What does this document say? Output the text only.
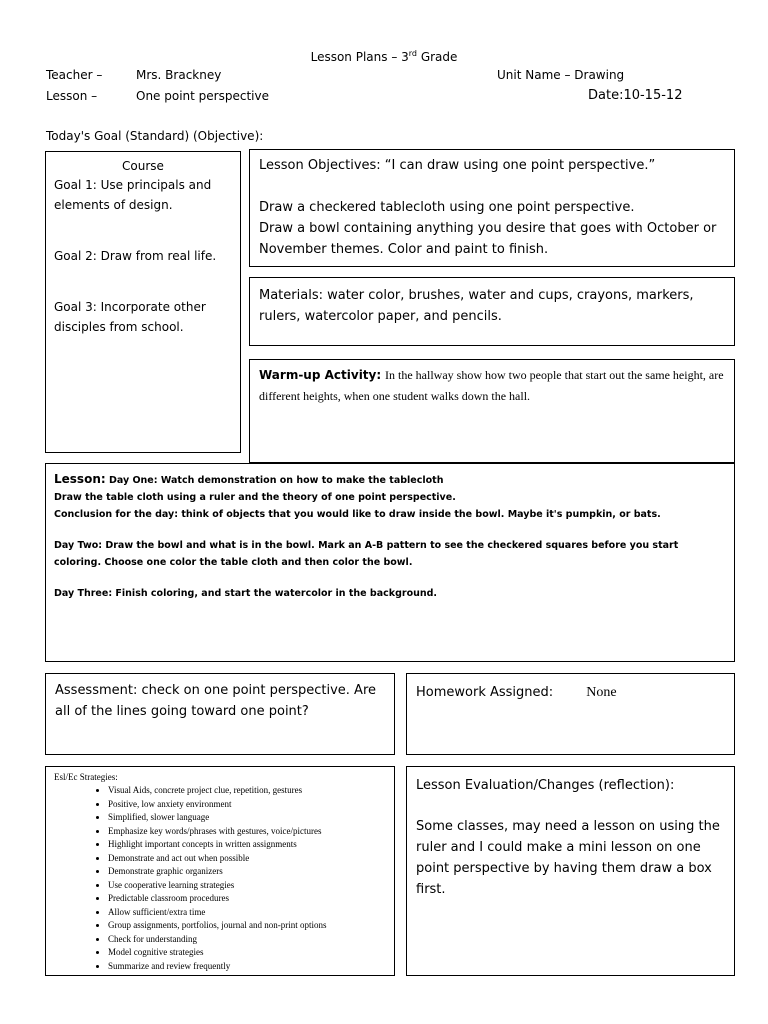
Lesson Plans – 3rd Grade
Teacher –	Mrs. Brackney	Unit Name – Drawing
Lesson –	One point perspective	Date:10-15-12
Today's Goal (Standard) (Objective):
Course
Goal 1: Use principals and elements of design.
Goal 2: Draw from real life.
Goal 3: Incorporate other disciples from school.
Lesson Objectives: “I can draw using one point perspective.”
Draw a checkered tablecloth using one point perspective.
Draw a bowl containing anything you desire that goes with October or November themes. Color and paint to finish.
Materials: water color, brushes, water and cups, crayons, markers, rulers, watercolor paper, and pencils.
Warm-up Activity: In the hallway show how two people that start out the same height, are different heights, when one student walks down the hall.
Lesson: Day One: Watch demonstration on how to make the tablecloth
Draw the table cloth using a ruler and the theory of one point perspective.
Conclusion for the day: think of objects that you would like to draw inside the bowl. Maybe it's pumpkin, or bats.
Day Two: Draw the bowl and what is in the bowl. Mark an A-B pattern to see the checkered squares before you start coloring. Choose one color the table cloth and then color the bowl.
Day Three: Finish coloring, and start the watercolor in the background.
Assessment: check on one point perspective. Are all of the lines going toward one point?
Homework Assigned: None
Esl/Ec Strategies:
• Visual Aids, concrete project clue, repetition, gestures
• Positive, low anxiety environment
• Simplified, slower language
• Emphasize key words/phrases with gestures, voice/pictures
• Highlight important concepts in written assignments
• Demonstrate and act out when possible
• Demonstrate graphic organizers
• Use cooperative learning strategies
• Predictable classroom procedures
• Allow sufficient/extra time
• Group assignments, portfolios, journal and non-print options
• Check for understanding
• Model cognitive strategies
• Summarize and review frequently
Lesson Evaluation/Changes (reflection):
Some classes, may need a lesson on using the ruler and I could make a mini lesson on one point perspective by having them draw a box first.
